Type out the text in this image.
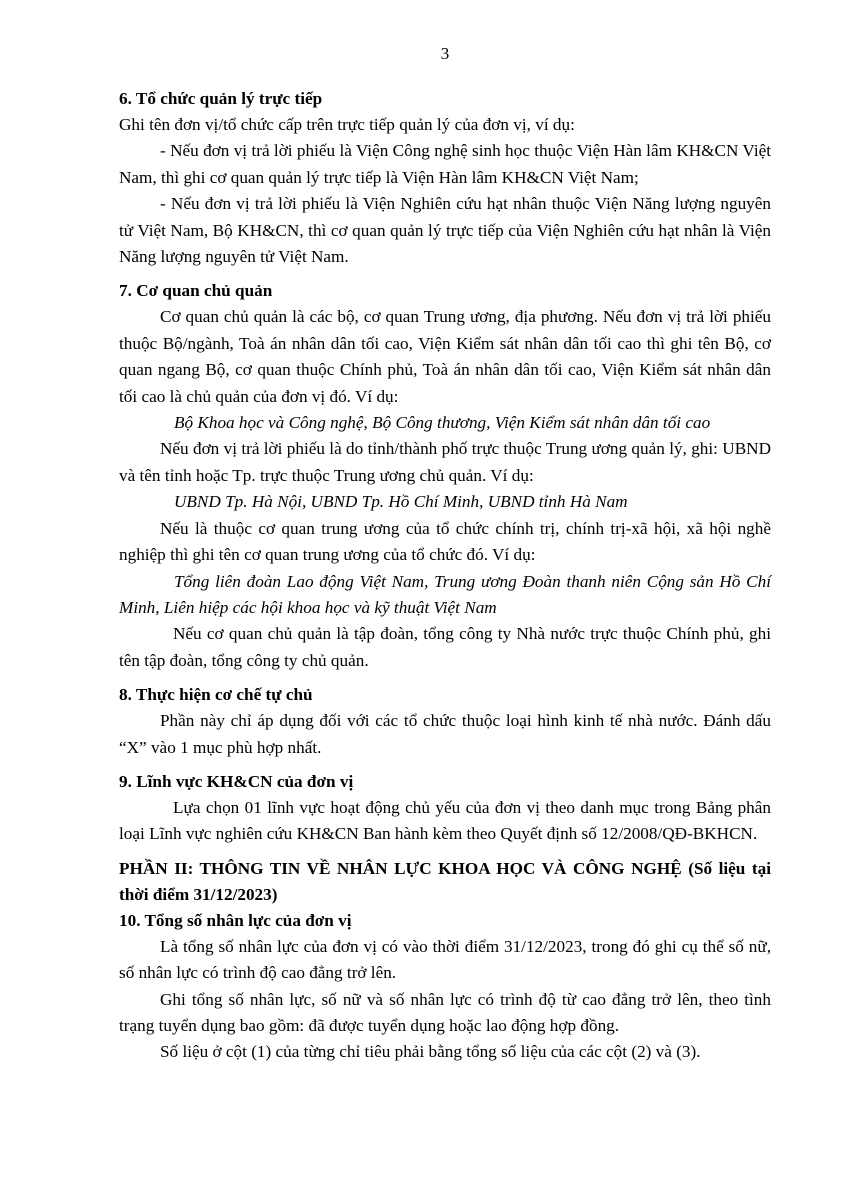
3

6. Tổ chức quản lý trực tiếp

Ghi tên đơn vị/tổ chức cấp trên trực tiếp quản lý của đơn vị, ví dụ:

- Nếu đơn vị trả lời phiếu là Viện Công nghệ sinh học thuộc Viện Hàn lâm KH&CN Việt Nam, thì ghi cơ quan quản lý trực tiếp là Viện Hàn lâm KH&CN Việt Nam;

- Nếu đơn vị trả lời phiếu là Viện Nghiên cứu hạt nhân thuộc Viện Năng lượng nguyên tử Việt Nam, Bộ KH&CN, thì cơ quan quản lý trực tiếp của Viện Nghiên cứu hạt nhân là Viện Năng lượng nguyên tử Việt Nam.

7. Cơ quan chủ quản

Cơ quan chủ quản là các bộ, cơ quan Trung ương, địa phương. Nếu đơn vị trả lời phiếu thuộc Bộ/ngành, Toà án nhân dân tối cao, Viện Kiểm sát nhân dân tối cao thì ghi tên Bộ, cơ quan ngang Bộ, cơ quan thuộc Chính phủ, Toà án nhân dân tối cao, Viện Kiểm sát nhân dân tối cao là chủ quản của đơn vị đó. Ví dụ:

Bộ Khoa học và Công nghệ, Bộ Công thương, Viện Kiểm sát nhân dân tối cao

Nếu đơn vị trả lời phiếu là do tỉnh/thành phố trực thuộc Trung ương quản lý, ghi: UBND và tên tỉnh hoặc Tp. trực thuộc Trung ương chủ quản. Ví dụ:

UBND Tp. Hà Nội, UBND Tp. Hồ Chí Minh, UBND tỉnh Hà Nam

Nếu là thuộc cơ quan trung ương của tổ chức chính trị, chính trị-xã hội, xã hội nghề nghiệp thì ghi tên cơ quan trung ương của tổ chức đó. Ví dụ:

Tổng liên đoàn Lao động Việt Nam, Trung ương Đoàn thanh niên Cộng sản Hồ Chí Minh, Liên hiệp các hội khoa học và kỹ thuật Việt Nam

Nếu cơ quan chủ quản là tập đoàn, tổng công ty Nhà nước trực thuộc Chính phủ, ghi tên tập đoàn, tổng công ty chủ quản.

8. Thực hiện cơ chế tự chủ

Phần này chỉ áp dụng đối với các tổ chức thuộc loại hình kinh tế nhà nước. Đánh dấu “X” vào 1 mục phù hợp nhất.

9. Lĩnh vực KH&CN của đơn vị

Lựa chọn 01 lĩnh vực hoạt động chủ yếu của đơn vị theo danh mục trong Bảng phân loại Lĩnh vực nghiên cứu KH&CN Ban hành kèm theo Quyết định số 12/2008/QĐ-BKHCN.

PHẦN II: THÔNG TIN VỀ NHÂN LỰC KHOA HỌC VÀ CÔNG NGHỆ (Số liệu tại thời điểm 31/12/2023)

10. Tổng số nhân lực của đơn vị

Là tổng số nhân lực của đơn vị có vào thời điểm 31/12/2023, trong đó ghi cụ thể số nữ, số nhân lực có trình độ cao đẳng trở lên.

Ghi tổng số nhân lực, số nữ và số nhân lực có trình độ từ cao đẳng trở lên, theo tình trạng tuyển dụng bao gồm: đã được tuyển dụng hoặc lao động hợp đồng.

Số liệu ở cột (1) của từng chỉ tiêu phải bằng tổng số liệu của các cột (2) và (3).
